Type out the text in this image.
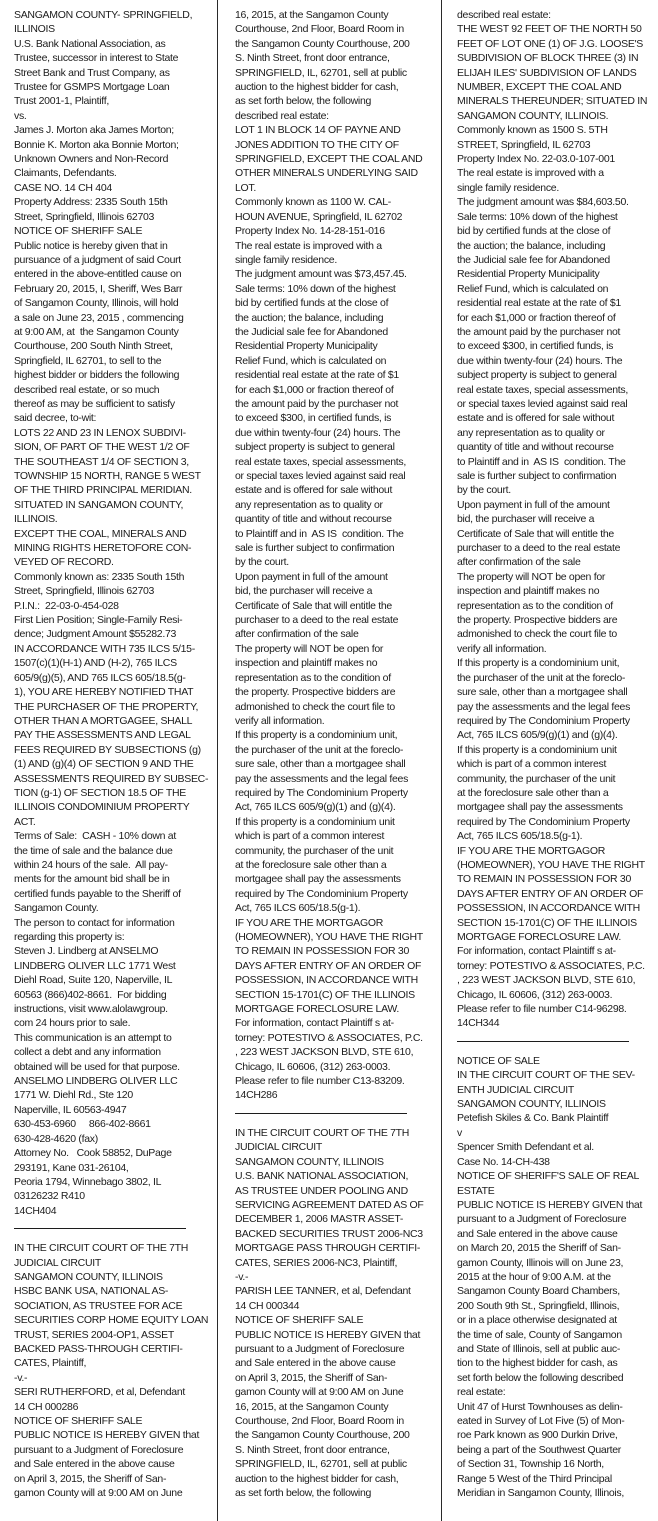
SANGAMON COUNTY- SPRINGFIELD,
ILLINOIS
U.S. Bank National Association, as
Trustee, successor in interest to State
Street Bank and Trust Company, as
Trustee for GSMPS Mortgage Loan
Trust 2001-1, Plaintiff,
vs.
James J. Morton aka James Morton;
Bonnie K. Morton aka Bonnie Morton;
Unknown Owners and Non-Record
Claimants, Defendants.
CASE NO. 14 CH 404
Property Address: 2335 South 15th
Street, Springfield, Illinois 62703
NOTICE OF SHERIFF SALE
Public notice is hereby given that in
pursuance of a judgment of said Court
entered in the above-entitled cause on
February 20, 2015, I, Sheriff, Wes Barr
of Sangamon County, Illinois, will hold
a sale on June 23, 2015 , commencing
at 9:00 AM, at  the Sangamon County
Courthouse, 200 South Ninth Street,
Springfield, IL 62701, to sell to the
highest bidder or bidders the following
described real estate, or so much
thereof as may be sufficient to satisfy
said decree, to-wit:
LOTS 22 AND 23 IN LENOX SUBDIVI-
SION, OF PART OF THE WEST 1/2 OF
THE SOUTHEAST 1/4 OF SECTION 3,
TOWNSHIP 15 NORTH, RANGE 5 WEST
OF THE THIRD PRINCIPAL MERIDIAN.
SITUATED IN SANGAMON COUNTY,
ILLINOIS.
EXCEPT THE COAL, MINERALS AND
MINING RIGHTS HERETOFORE CON-
VEYED OF RECORD.
Commonly known as: 2335 South 15th
Street, Springfield, Illinois 62703
P.I.N.:  22-03-0-454-028
First Lien Position; Single-Family Resi-
dence; Judgment Amount $55282.73
IN ACCORDANCE WITH 735 ILCS 5/15-
1507(c)(1)(H-1) AND (H-2), 765 ILCS
605/9(g)(5), AND 765 ILCS 605/18.5(g-
1), YOU ARE HEREBY NOTIFIED THAT
THE PURCHASER OF THE PROPERTY,
OTHER THAN A MORTGAGEE, SHALL
PAY THE ASSESSMENTS AND LEGAL
FEES REQUIRED BY SUBSECTIONS (g)
(1) AND (g)(4) OF SECTION 9 AND THE
ASSESSMENTS REQUIRED BY SUBSEC-
TION (g-1) OF SECTION 18.5 OF THE
ILLINOIS CONDOMINIUM PROPERTY
ACT.
Terms of Sale:  CASH - 10% down at
the time of sale and the balance due
within 24 hours of the sale.  All pay-
ments for the amount bid shall be in
certified funds payable to the Sheriff of
Sangamon County.
The person to contact for information
regarding this property is:
Steven J. Lindberg at ANSELMO
LINDBERG OLIVER LLC 1771 West
Diehl Road, Suite 120, Naperville, IL
60563 (866)402-8661.  For bidding
instructions, visit www.alolawgroup.
com 24 hours prior to sale.
This communication is an attempt to
collect a debt and any information
obtained will be used for that purpose.
ANSELMO LINDBERG OLIVER LLC
1771 W. Diehl Rd., Ste 120
Naperville, IL 60563-4947
630-453-6960     866-402-8661
630-428-4620 (fax)
Attorney No.   Cook 58852, DuPage
293191, Kane 031-26104,
Peoria 1794, Winnebago 3802, IL
03126232 R410
14CH404
IN THE CIRCUIT COURT OF THE 7TH
JUDICIAL CIRCUIT
SANGAMON COUNTY, ILLINOIS
HSBC BANK USA, NATIONAL AS-
SOCIATION, AS TRUSTEE FOR ACE
SECURITIES CORP HOME EQUITY LOAN
TRUST, SERIES 2004-OP1, ASSET
BACKED PASS-THROUGH CERTIFI-
CATES, Plaintiff,
-v.-
SERI RUTHERFORD, et al, Defendant
14 CH 000286
NOTICE OF SHERIFF SALE
PUBLIC NOTICE IS HEREBY GIVEN that
pursuant to a Judgment of Foreclosure
and Sale entered in the above cause
on April 3, 2015, the Sheriff of San-
gamon County will at 9:00 AM on June
16, 2015, at the Sangamon County
Courthouse, 2nd Floor, Board Room in
the Sangamon County Courthouse, 200
S. Ninth Street, front door entrance,
SPRINGFIELD, IL, 62701, sell at public
auction to the highest bidder for cash,
as set forth below, the following
described real estate:
LOT 1 IN BLOCK 14 OF PAYNE AND
JONES ADDITION TO THE CITY OF
SPRINGFIELD, EXCEPT THE COAL AND
OTHER MINERALS UNDERLYING SAID
LOT.
Commonly known as 1100 W. CAL-
HOUN AVENUE, Springfield, IL 62702
Property Index No. 14-28-151-016
The real estate is improved with a
single family residence.
The judgment amount was $73,457.45.
Sale terms: 10% down of the highest
bid by certified funds at the close of
the auction; the balance, including
the Judicial sale fee for Abandoned
Residential Property Municipality
Relief Fund, which is calculated on
residential real estate at the rate of $1
for each $1,000 or fraction thereof of
the amount paid by the purchaser not
to exceed $300, in certified funds, is
due within twenty-four (24) hours. The
subject property is subject to general
real estate taxes, special assessments,
or special taxes levied against said real
estate and is offered for sale without
any representation as to quality or
quantity of title and without recourse
to Plaintiff and in  AS IS  condition. The
sale is further subject to confirmation
by the court.
Upon payment in full of the amount
bid, the purchaser will receive a
Certificate of Sale that will entitle the
purchaser to a deed to the real estate
after confirmation of the sale
The property will NOT be open for
inspection and plaintiff makes no
representation as to the condition of
the property. Prospective bidders are
admonished to check the court file to
verify all information.
If this property is a condominium unit,
the purchaser of the unit at the foreclo-
sure sale, other than a mortgagee shall
pay the assessments and the legal fees
required by The Condominium Property
Act, 765 ILCS 605/9(g)(1) and (g)(4).
If this property is a condominium unit
which is part of a common interest
community, the purchaser of the unit
at the foreclosure sale other than a
mortgagee shall pay the assessments
required by The Condominium Property
Act, 765 ILCS 605/18.5(g-1).
IF YOU ARE THE MORTGAGOR
(HOMEOWNER), YOU HAVE THE RIGHT
TO REMAIN IN POSSESSION FOR 30
DAYS AFTER ENTRY OF AN ORDER OF
POSSESSION, IN ACCORDANCE WITH
SECTION 15-1701(C) OF THE ILLINOIS
MORTGAGE FORECLOSURE LAW.
For information, contact Plaintiff s at-
torney: POTESTIVO & ASSOCIATES, P.C.
, 223 WEST JACKSON BLVD, STE 610,
Chicago, IL 60606, (312) 263-0003.
Please refer to file number C13-83209.
14CH286
IN THE CIRCUIT COURT OF THE 7TH
JUDICIAL CIRCUIT
SANGAMON COUNTY, ILLINOIS
U.S. BANK NATIONAL ASSOCIATION,
AS TRUSTEE UNDER POOLING AND
SERVICING AGREEMENT DATED AS OF
DECEMBER 1, 2006 MASTR ASSET-
BACKED SECURITIES TRUST 2006-NC3
MORTGAGE PASS THROUGH CERTIFI-
CATES, SERIES 2006-NC3, Plaintiff,
-v.-
PARISH LEE TANNER, et al, Defendant
14 CH 000344
NOTICE OF SHERIFF SALE
PUBLIC NOTICE IS HEREBY GIVEN that
pursuant to a Judgment of Foreclosure
and Sale entered in the above cause
on April 3, 2015, the Sheriff of San-
gamon County will at 9:00 AM on June
16, 2015, at the Sangamon County
Courthouse, 2nd Floor, Board Room in
the Sangamon County Courthouse, 200
S. Ninth Street, front door entrance,
SPRINGFIELD, IL, 62701, sell at public
auction to the highest bidder for cash,
as set forth below, the following
described real estate:
THE WEST 92 FEET OF THE NORTH 50
FEET OF LOT ONE (1) OF J.G. LOOSE'S
SUBDIVISION OF BLOCK THREE (3) IN
ELIJAH ILES' SUBDIVISION OF LANDS
NUMBER, EXCEPT THE COAL AND
MINERALS THEREUNDER; SITUATED IN
SANGAMON COUNTY, ILLINOIS.
Commonly known as 1500 S. 5TH
STREET, Springfield, IL 62703
Property Index No. 22-03.0-107-001
The real estate is improved with a
single family residence.
The judgment amount was $84,603.50.
Sale terms: 10% down of the highest
bid by certified funds at the close of
the auction; the balance, including
the Judicial sale fee for Abandoned
Residential Property Municipality
Relief Fund, which is calculated on
residential real estate at the rate of $1
for each $1,000 or fraction thereof of
the amount paid by the purchaser not
to exceed $300, in certified funds, is
due within twenty-four (24) hours. The
subject property is subject to general
real estate taxes, special assessments,
or special taxes levied against said real
estate and is offered for sale without
any representation as to quality or
quantity of title and without recourse
to Plaintiff and in  AS IS  condition. The
sale is further subject to confirmation
by the court.
Upon payment in full of the amount
bid, the purchaser will receive a
Certificate of Sale that will entitle the
purchaser to a deed to the real estate
after confirmation of the sale
The property will NOT be open for
inspection and plaintiff makes no
representation as to the condition of
the property. Prospective bidders are
admonished to check the court file to
verify all information.
If this property is a condominium unit,
the purchaser of the unit at the foreclo-
sure sale, other than a mortgagee shall
pay the assessments and the legal fees
required by The Condominium Property
Act, 765 ILCS 605/9(g)(1) and (g)(4).
If this property is a condominium unit
which is part of a common interest
community, the purchaser of the unit
at the foreclosure sale other than a
mortgagee shall pay the assessments
required by The Condominium Property
Act, 765 ILCS 605/18.5(g-1).
IF YOU ARE THE MORTGAGOR
(HOMEOWNER), YOU HAVE THE RIGHT
TO REMAIN IN POSSESSION FOR 30
DAYS AFTER ENTRY OF AN ORDER OF
POSSESSION, IN ACCORDANCE WITH
SECTION 15-1701(C) OF THE ILLINOIS
MORTGAGE FORECLOSURE LAW.
For information, contact Plaintiff s at-
torney: POTESTIVO & ASSOCIATES, P.C.
, 223 WEST JACKSON BLVD, STE 610,
Chicago, IL 60606, (312) 263-0003.
Please refer to file number C14-96298.
14CH344
NOTICE OF SALE
IN THE CIRCUIT COURT OF THE SEV-
ENTH JUDICIAL CIRCUIT
SANGAMON COUNTY, ILLINOIS
Petefish Skiles & Co. Bank Plaintiff
v
Spencer Smith Defendant et al.
Case No. 14-CH-438
NOTICE OF SHERIFF'S SALE OF REAL
ESTATE
PUBLIC NOTICE IS HEREBY GIVEN that
pursuant to a Judgment of Foreclosure
and Sale entered in the above cause
on March 20, 2015 the Sheriff of San-
gamon County, Illinois will on June 23,
2015 at the hour of 9:00 A.M. at the
Sangamon County Board Chambers,
200 South 9th St., Springfield, Illinois,
or in a place otherwise designated at
the time of sale, County of Sangamon
and State of Illinois, sell at public auc-
tion to the highest bidder for cash, as
set forth below the following described
real estate:
Unit 47 of Hurst Townhouses as delin-
eated in Survey of Lot Five (5) of Mon-
roe Park known as 900 Durkin Drive,
being a part of the Southwest Quarter
of Section 31, Township 16 North,
Range 5 West of the Third Principal
Meridian in Sangamon County, Illinois,
